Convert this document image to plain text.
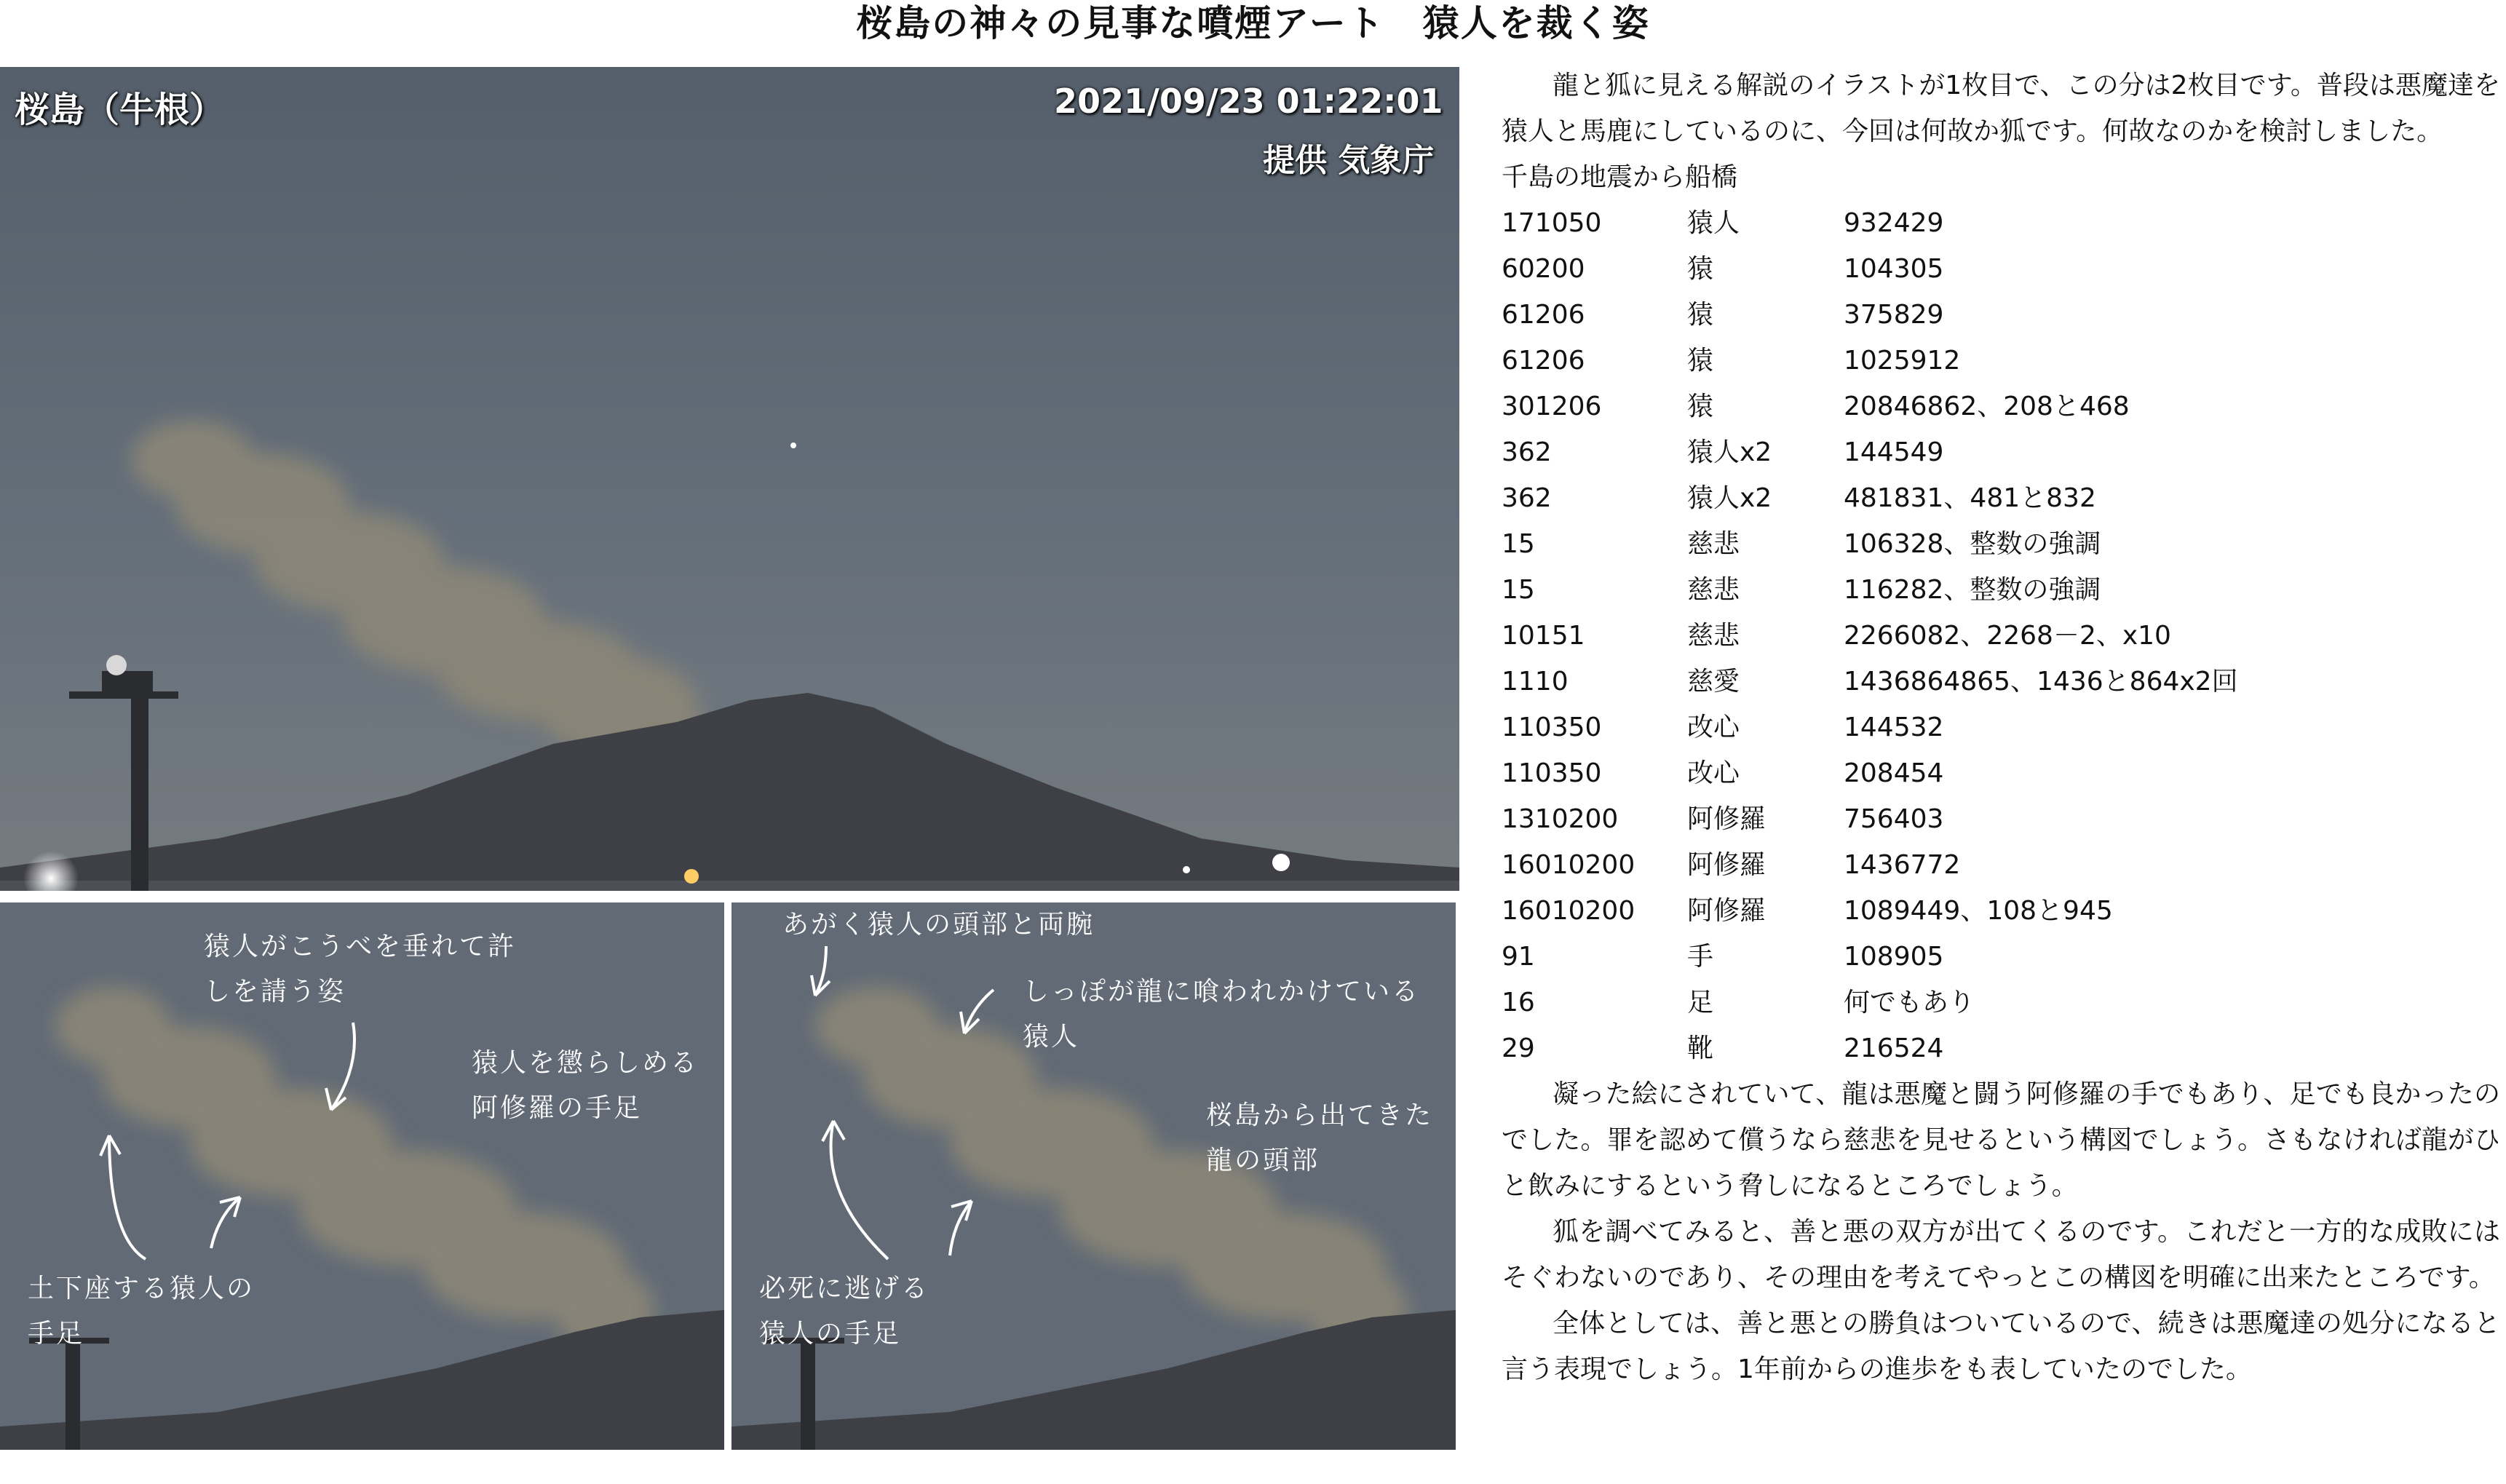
桜島の神々の見事な噴煙アート　猿人を裁く姿
桜島（牛根）	2021/09/23 01:22:01
提供 気象庁
猿人がこうべを垂れて許
しを請う姿
猿人を懲らしめる
阿修羅の手足
土下座する猿人の
手足
あがく猿人の頭部と両腕
しっぽが龍に喰われかけている
猿人
桜島から出てきた
龍の頭部
必死に逃げる
猿人の手足

龍と狐に見える解説のイラストが1枚目で、この分は2枚目です。普段は悪魔達を猿人と馬鹿にしているのに、今回は何故か狐です。何故なのかを検討しました。

千島の地震から船橋

171050	猿人	932429
60200	猿	104305
61206	猿	375829
61206	猿	1025912
301206	猿	20846862、208と468
362	猿人x2	144549
362	猿人x2	481831、481と832
15	慈悲	106328、整数の強調
15	慈悲	116282、整数の強調
10151	慈悲	2266082、2268－2、x10
1110	慈愛	1436864865、1436と864x2回
110350	改心	144532
110350	改心	208454
1310200	阿修羅	756403
16010200	阿修羅	1436772
16010200	阿修羅	1089449、108と945
91	手	108905
16	足	何でもあり
29	靴	216524

凝った絵にされていて、龍は悪魔と闘う阿修羅の手でもあり、足でも良かったのでした。罪を認めて償うなら慈悲を見せるという構図でしょう。さもなければ龍がひと飲みにするという脅しになるところでしょう。

狐を調べてみると、善と悪の双方が出てくるのです。これだと一方的な成敗にはそぐわないのであり、その理由を考えてやっとこの構図を明確に出来たところです。

全体としては、善と悪との勝負はついているので、続きは悪魔達の処分になると言う表現でしょう。1年前からの進歩をも表していたのでした。
